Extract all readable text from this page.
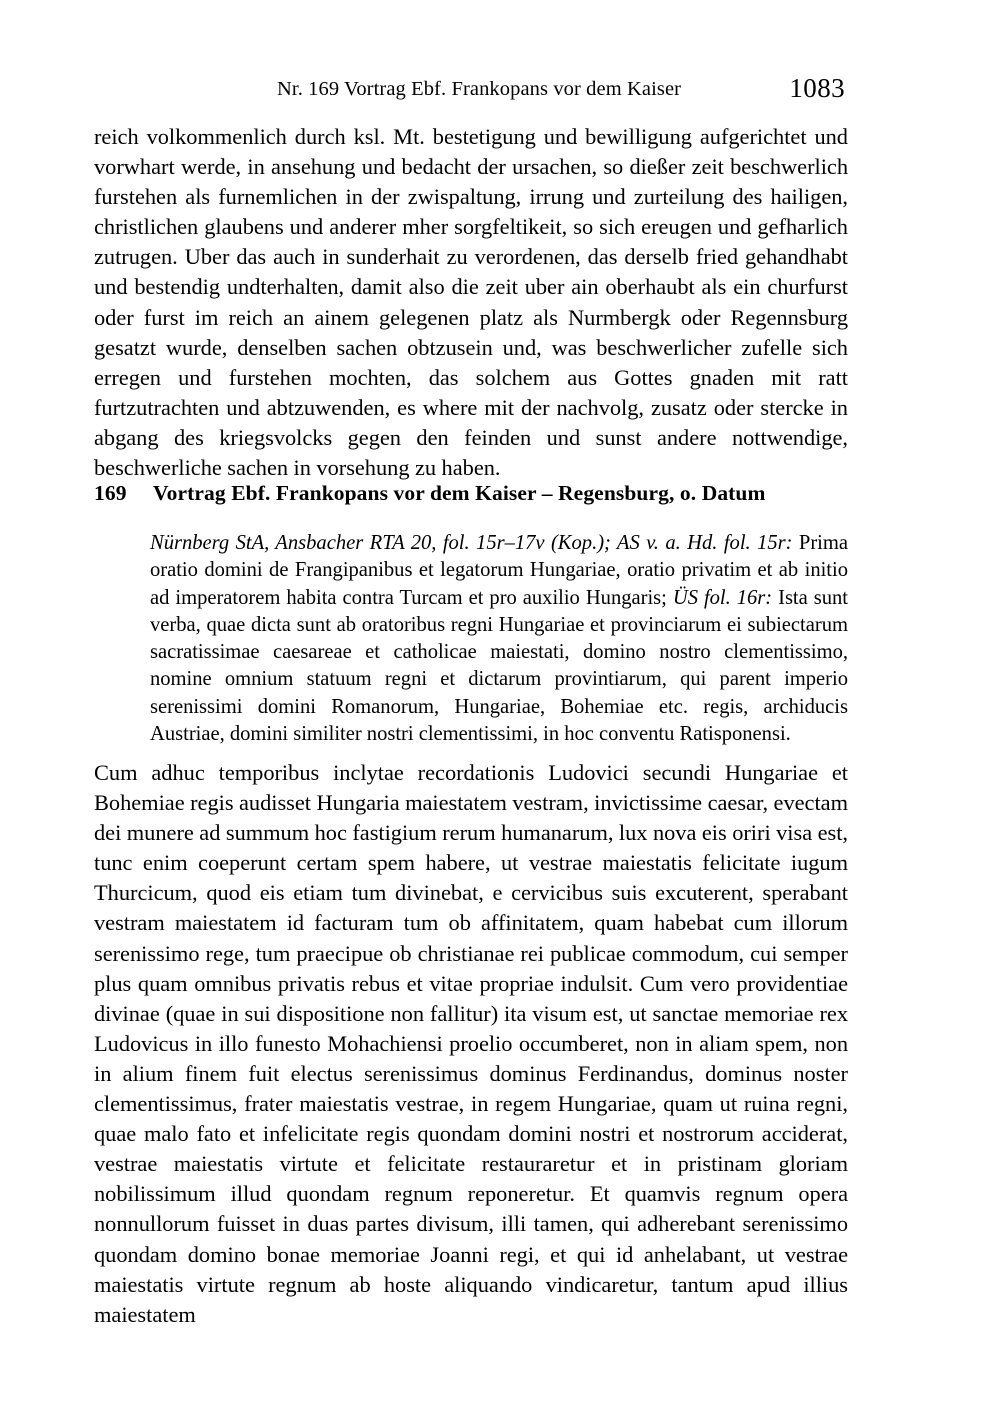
Nr. 169 Vortrag Ebf. Frankopans vor dem Kaiser	1083
reich volkommenlich durch ksl. Mt. bestetigung und bewilligung aufgerichtet und vorwhart werde, in ansehung und bedacht der ursachen, so dießer zeit beschwerlich furstehen als furnemlichen in der zwispaltung, irrung und zurteilung des hailigen, christlichen glaubens und anderer mher sorgfeltikeit, so sich ereugen und gefharlich zutrugen. Uber das auch in sunderhait zu verordenen, das derselb fried gehandhabt und bestendig undterhalten, damit also die zeit uber ain oberhaubt als ein churfurst oder furst im reich an ainem gelegenen platz als Nurmbergk oder Regennsburg gesatzt wurde, denselben sachen obtzusein und, was beschwerlicher zufelle sich erregen und furstehen mochten, das solchem aus Gottes gnaden mit ratt furtzutrachten und abtzuwenden, es where mit der nachvolg, zusatz oder stercke in abgang des kriegsvolcks gegen den feinden und sunst andere nottwendige, beschwerliche sachen in vorsehung zu haben.
169	Vortrag Ebf. Frankopans vor dem Kaiser – Regensburg, o. Datum
Nürnberg StA, Ansbacher RTA 20, fol. 15r–17v (Kop.); AS v. a. Hd. fol. 15r: Prima oratio domini de Frangipanibus et legatorum Hungariae, oratio privatim et ab initio ad imperatorem habita contra Turcam et pro auxilio Hungaris; ÜS fol. 16r: Ista sunt verba, quae dicta sunt ab oratoribus regni Hungariae et provinciarum ei subiectarum sacratissimae caesareae et catholicae maiestati, domino nostro clementissimo, nomine omnium statuum regni et dictarum provintiarum, qui parent imperio serenissimi domini Romanorum, Hungariae, Bohemiae etc. regis, archiducis Austriae, domini similiter nostri clementissimi, in hoc conventu Ratisponensi.
Cum adhuc temporibus inclytae recordationis Ludovici secundi Hungariae et Bohemiae regis audisset Hungaria maiestatem vestram, invictissime caesar, evectam dei munere ad summum hoc fastigium rerum humanarum, lux nova eis oriri visa est, tunc enim coeperunt certam spem habere, ut vestrae maiestatis felicitate iugum Thurcicum, quod eis etiam tum divinebat, e cervicibus suis excuterent, sperabant vestram maiestatem id facturam tum ob affinitatem, quam habebat cum illorum serenissimo rege, tum praecipue ob christianae rei publicae commodum, cui semper plus quam omnibus privatis rebus et vitae propriae indulsit. Cum vero providentiae divinae (quae in sui dispositione non fallitur) ita visum est, ut sanctae memoriae rex Ludovicus in illo funesto Mohachiensi proelio occumberet, non in aliam spem, non in alium finem fuit electus serenissimus dominus Ferdinandus, dominus noster clementissimus, frater maiestatis vestrae, in regem Hungariae, quam ut ruina regni, quae malo fato et infelicitate regis quondam domini nostri et nostrorum acciderat, vestrae maiestatis virtute et felicitate restauraretur et in pristinam gloriam nobilissimum illud quondam regnum reponeretur. Et quamvis regnum opera nonnullorum fuisset in duas partes divisum, illi tamen, qui adherebant serenissimo quondam domino bonae memoriae Joanni regi, et qui id anhelabant, ut vestrae maiestatis virtute regnum ab hoste aliquando vindicaretur, tantum apud illius maiestatem
